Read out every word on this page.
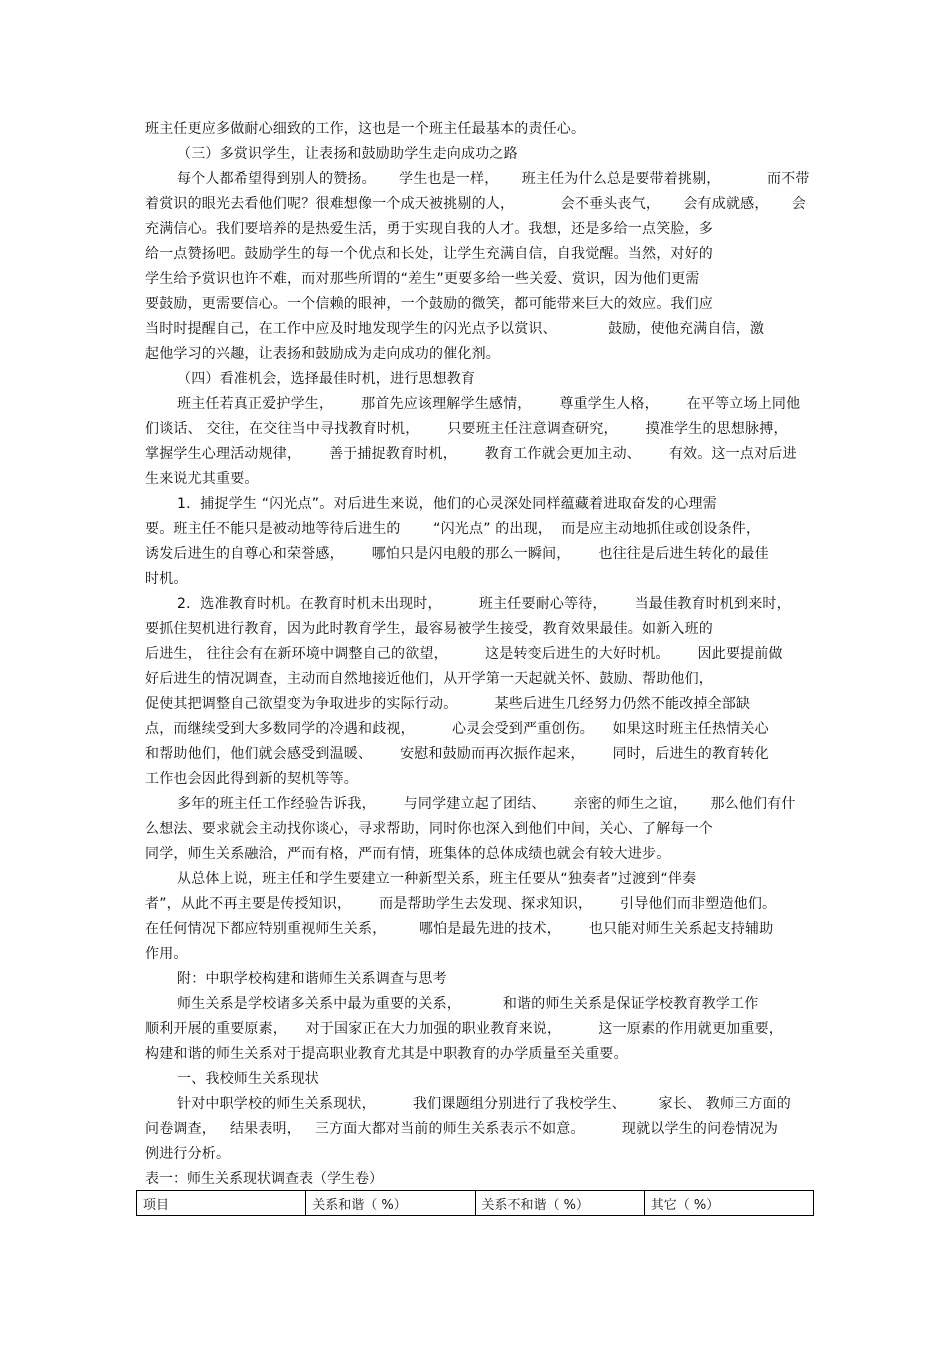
班主任更应多做耐心细致的工作，这也是一个班主任最基本的责任心。
（三）多赏识学生，让表扬和鼓励助学生走向成功之路
每个人都希望得到别人的赞扬。     学生也是一样，     班主任为什么总是要带着挑剔，          而不带
着赏识的眼光去看他们呢？很难想像一个成天被挑剔的人，          会不垂头丧气，     会有成就感，     会
充满信心。我们要培养的是热爱生活，勇于实现自我的人才。我想，还是多给一点笑脸，多
给一点赞扬吧。鼓励学生的每一个优点和长处，让学生充满自信，自我觉醒。当然，对好的
学生给予赏识也许不难，而对那些所谓的“差生”更要多给一些关爱、赏识，因为他们更需
要鼓励，更需要信心。一个信赖的眼神，一个鼓励的微笑，都可能带来巨大的效应。我们应
当时时提醒自己，在工作中应及时地发现学生的闪光点予以赏识、           鼓励，使他充满自信，激
起他学习的兴趣，让表扬和鼓励成为走向成功的催化剂。
（四）看准机会，选择最佳时机，进行思想教育
班主任若真正爱护学生，      那首先应该理解学生感情，      尊重学生人格，      在平等立场上同他
们谈话、 交往，在交往当中寻找教育时机，      只要班主任注意调查研究，      摸准学生的思想脉搏，
掌握学生心理活动规律，      善于捕捉教育时机，      教育工作就会更加主动、      有效。这一点对后进
生来说尤其重要。
1．捕捉学生 “闪光点”。对后进生来说，他们的心灵深处同样蕴藏着进取奋发的心理需
要。班主任不能只是被动地等待后进生的       “闪光点” 的出现，  而是应主动地抓住或创设条件，
诱发后进生的自尊心和荣誉感，      哪怕只是闪电般的那么一瞬间，      也往往是后进生转化的最佳
时机。
2．选准教育时机。在教育时机未出现时，        班主任要耐心等待，      当最佳教育时机到来时，
要抓住契机进行教育，因为此时教育学生，最容易被学生接受，教育效果最佳。如新入班的
后进生， 往往会有在新环境中调整自己的欲望，        这是转变后进生的大好时机。      因此要提前做
好后进生的情况调查，主动而自然地接近他们，从开学第一天起就关怀、鼓励、帮助他们，
促使其把调整自己欲望变为争取进步的实际行动。        某些后进生几经努力仍然不能改掉全部缺
点，而继续受到大多数同学的冷遇和歧视，        心灵会受到严重创伤。    如果这时班主任热情关心
和帮助他们，他们就会感受到温暖、      安慰和鼓励而再次振作起来，      同时，后进生的教育转化
工作也会因此得到新的契机等等。
多年的班主任工作经验告诉我，      与同学建立起了团结、      亲密的师生之谊，     那么他们有什
么想法、要求就会主动找你谈心，寻求帮助，同时你也深入到他们中间，关心、了解每一个
同学，师生关系融洽，严而有格，严而有情，班集体的总体成绩也就会有较大进步。
从总体上说，班主任和学生要建立一种新型关系，班主任要从“独奏者”过渡到“伴奏
者”，从此不再主要是传授知识，      而是帮助学生去发现、探求知识，      引导他们而非塑造他们。
在任何情况下都应特别重视师生关系，       哪怕是最先进的技术，      也只能对师生关系起支持辅助
作用。
附：中职学校构建和谐师生关系调查与思考
师生关系是学校诸多关系中最为重要的关系，         和谐的师生关系是保证学校教育教学工作
顺利开展的重要原素，    对于国家正在大力加强的职业教育来说，        这一原素的作用就更加重要，
构建和谐的师生关系对于提高职业教育尤其是中职教育的办学质量至关重要。
一、我校师生关系现状
针对中职学校的师生关系现状，        我们课题组分别进行了我校学生、       家长、 教师三方面的
问卷调查，   结果表明，   三方面大都对当前的师生关系表示不如意。        现就以学生的问卷情况为
例进行分析。
表一：师生关系现状调查表（学生卷）
项目	关系和谐（ %）	关系不和谐（ %）	其它（ %）
